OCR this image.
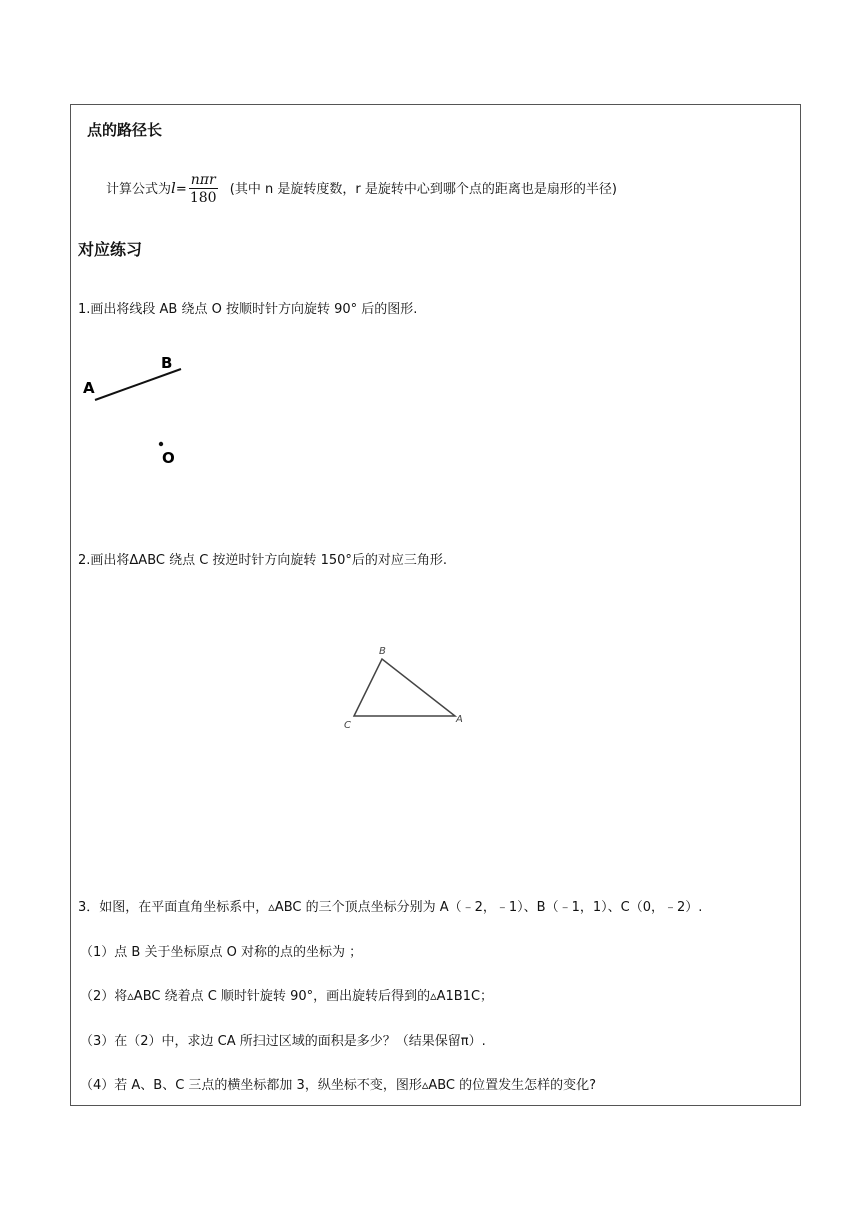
点的路径长
计算公式为$l= \frac{\text{nπr}}{180}$ (其中 n 是旋转度数，r 是旋转中心到哪个点的距离也是扇形的半径)
对应练习
1.画出将线段 AB 绕点 O 按顺时针方向旋转 90° 后的图形.
A
B
O
2.画出将ΔABC 绕点 C 按逆时针方向旋转 150°后的对应三角形.
B
C
A
3．如图，在平面直角坐标系中，▵ABC 的三个顶点坐标分别为 A（﹣2，﹣1）、B（﹣1，1）、C（0，﹣2）.
（1）点 B 关于坐标原点 O 对称的点的坐标为 ；
（2）将▵ABC 绕着点 C 顺时针旋转 90°，画出旋转后得到的▵A1B1C；
（3）在（2）中，求边 CA 所扫过区域的面积是多少？（结果保留π）.
（4）若 A、B、C 三点的横坐标都加 3，纵坐标不变，图形▵ABC 的位置发生怎样的变化?
